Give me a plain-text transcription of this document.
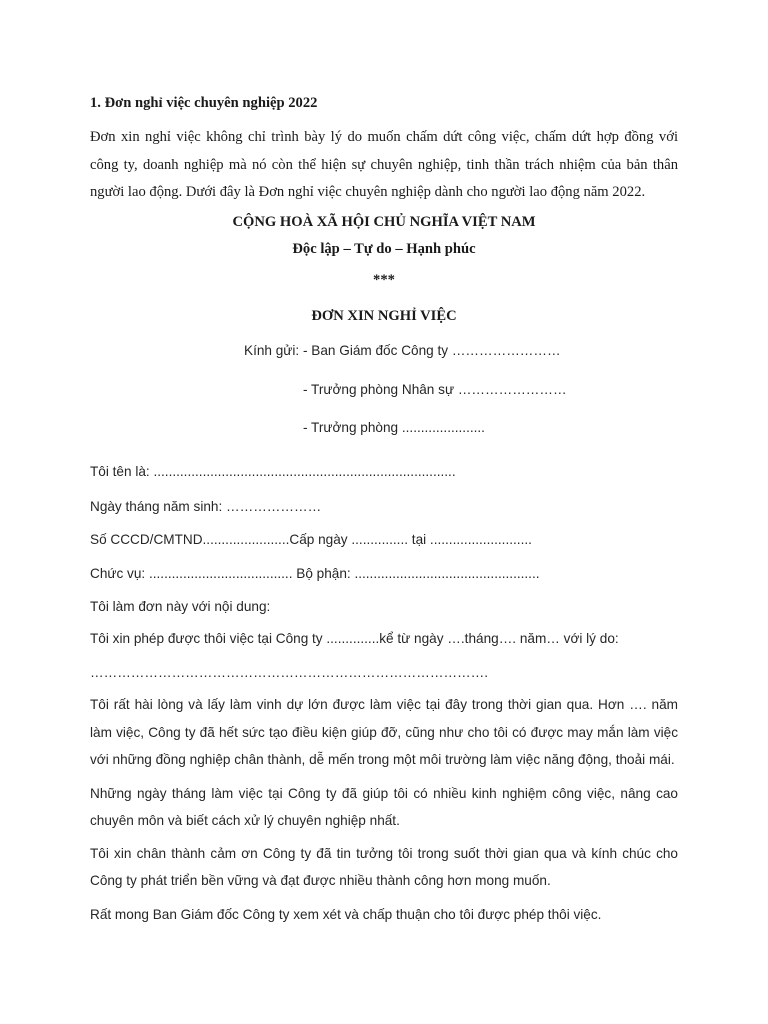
1. Đơn nghỉ việc chuyên nghiệp 2022
Đơn xin nghỉ việc không chỉ trình bày lý do muốn chấm dứt công việc, chấm dứt hợp đồng với
công ty, doanh nghiệp mà nó còn thể hiện sự chuyên nghiệp, tinh thần trách nhiệm của bản thân
người lao động. Dưới đây là Đơn nghỉ việc chuyên nghiệp dành cho người lao động năm 2022.
CỘNG HOÀ XÃ HỘI CHỦ NGHĨA VIỆT NAM
Độc lập – Tự do – Hạnh phúc
***
ĐƠN XIN NGHỈ VIỆC
Kính gửi: - Ban Giám đốc Công ty ……………………
- Trưởng phòng Nhân sự ……………………
- Trưởng phòng ......................
Tôi tên là: ................................................................................
Ngày tháng năm sinh: …………………
Số CCCD/CMTND.......................Cấp ngày ............... tại ...........................
Chức vụ: ...................................... Bộ phận: .................................................
Tôi làm đơn này với nội dung:
Tôi xin phép được thôi việc tại Công ty ..............kể từ ngày ….tháng…. năm… với lý do:
…………………………………………………………………………….
Tôi rất hài lòng và lấy làm vinh dự lớn được làm việc tại đây trong thời gian qua. Hơn …. năm
làm việc, Công ty đã hết sức tạo điều kiện giúp đỡ, cũng như cho tôi có được may mắn làm việc
với những đồng nghiệp chân thành, dễ mến trong một môi trường làm việc năng động, thoải mái.
Những ngày tháng làm việc tại Công ty đã giúp tôi có nhiều kinh nghiệm công việc, nâng cao
chuyên môn và biết cách xử lý chuyên nghiệp nhất.
Tôi xin chân thành cảm ơn Công ty đã tin tưởng tôi trong suốt thời gian qua và kính chúc cho
Công ty phát triển bền vững và đạt được nhiều thành công hơn mong muốn.
Rất mong Ban Giám đốc Công ty xem xét và chấp thuận cho tôi được phép thôi việc.
